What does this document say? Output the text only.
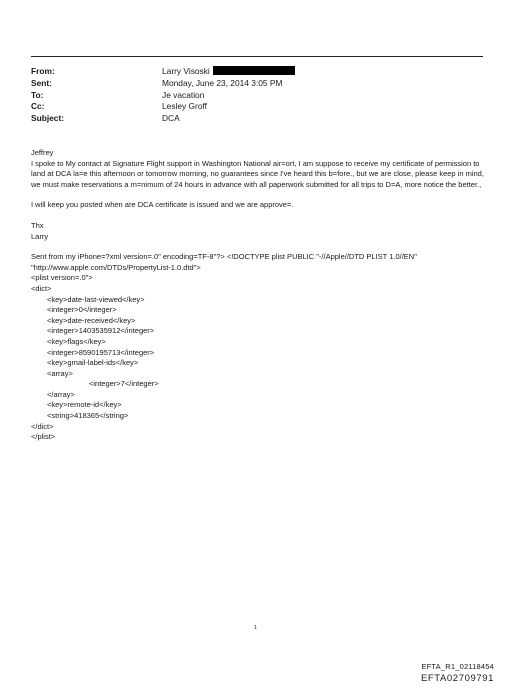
From:	Larry Visoski
Sent:	Monday, June 23, 2014 3:05 PM
To:	Je vacation
Cc:	Lesley Groff
Subject:	DCA

Jeffrey

I spoke to My contact at Signature Flight support in Washington National air=ort, I am suppose to receive my certificate of permission to land at DCA la=e this afternoon or tomorrow morning, no guarantees since I've heard this b=fore., but we are close, please keep in mind, we must make reservations a m=nimum of 24 hours in advance with all paperwork submitted for all trips to D=A, more notice the better.,

I will keep you posted when are DCA certificate is issued and we are approve=.

Thx

Larry

Sent from my iPhone=?xml version=.0" encoding=TF-8"?> <!DOCTYPE plist PUBLIC "-//Apple//DTD PLIST 1.0//EN" "http://www.apple.com/DTDs/PropertyList-1.0.dtd">

<plist version=.0">

<dict>

<key>date-last-viewed</key>

<integer>0</integer>

<key>date-received</key>

<integer>1403535912</integer>

<key>flags</key>

<integer>8590195713</integer>

<key>gmail-label-ids</key>

<array>

<integer>7</integer>

</array>

<key>remote-id</key>

<string>418365</string>

</dict>

</plist>

1
EFTA_R1_02118454
EFTA02709791
